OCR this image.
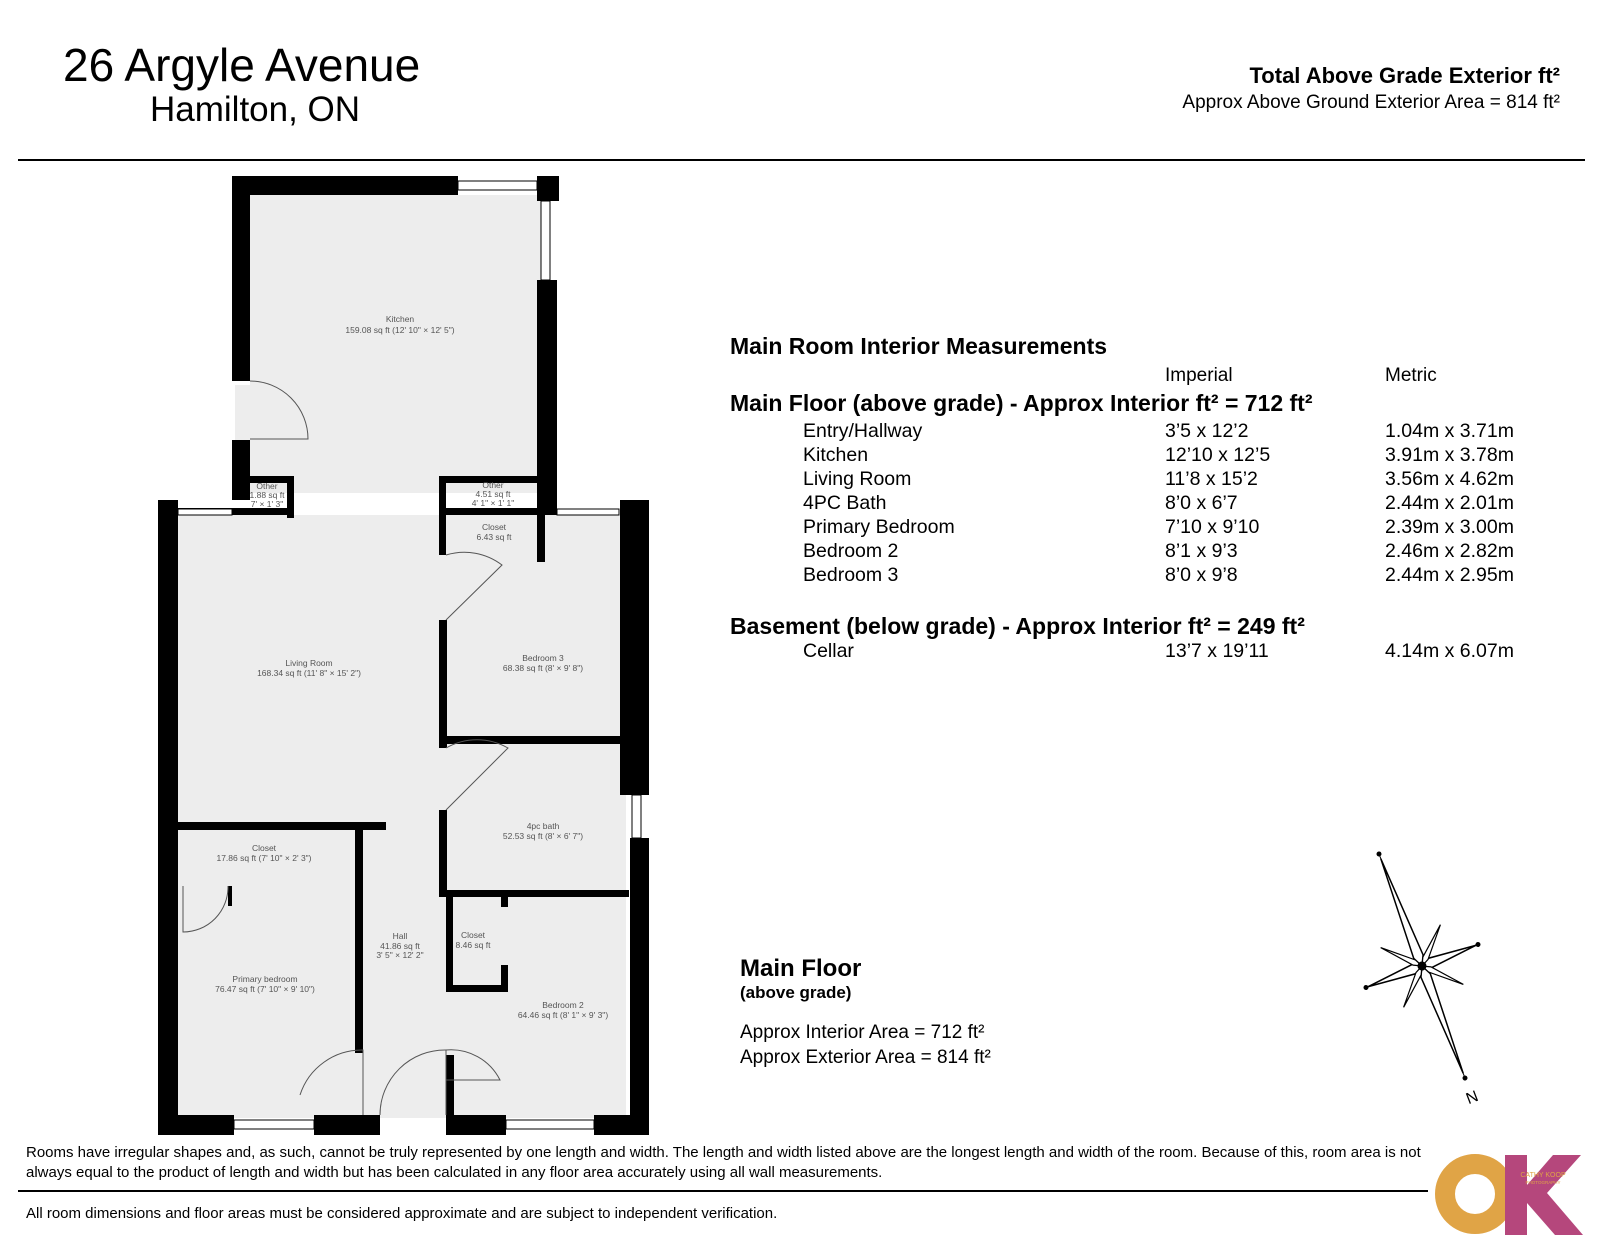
26 Argyle Avenue
Hamilton, ON
Total Above Grade Exterior ft²
Approx Above Ground Exterior Area = 814 ft²
Kitchen
159.08 sq ft (12' 10" × 12' 5")
Other
1.88 sq ft
7' × 1' 3"
Other
4.51 sq ft
4' 1" × 1' 1"
Closet
6.43 sq ft
Living Room
168.34 sq ft (11' 8" × 15' 2")
Bedroom 3
68.38 sq ft (8' × 9' 8")
4pc bath
52.53 sq ft (8' × 6' 7")
Closet
17.86 sq ft (7' 10" × 2' 3")
Hall
41.86 sq ft
3' 5" × 12' 2"
Closet
8.46 sq ft
Primary bedroom
76.47 sq ft (7' 10" × 9' 10")
Bedroom 2
64.46 sq ft (8' 1" × 9' 3")
N
Main Room Interior Measurements
Imperial	Metric
Main Floor (above grade) - Approx Interior ft² = 712 ft²
Entry/Hallway	3’5 x 12’2	1.04m x 3.71m
Kitchen	12’10 x 12’5	3.91m x 3.78m
Living Room	11’8 x 15’2	3.56m x 4.62m
4PC Bath	8’0 x 6’7	2.44m x 2.01m
Primary Bedroom	7’10 x 9’10	2.39m x 3.00m
Bedroom 2	8’1 x 9’3	2.46m x 2.82m
Bedroom 3	8’0 x 9’8	2.44m x 2.95m
Basement (below grade) - Approx Interior ft² = 249 ft²
Cellar	13’7 x 19’11	4.14m x 6.07m
Main Floor
(above grade)
Approx Interior Area = 712 ft²
Approx Exterior Area = 814 ft²
Rooms have irregular shapes and, as such, cannot be truly represented by one length and width. The length and width listed above are the longest length and width of the room. Because of this, room area is not always equal to the product of length and width but has been calculated in any floor area accurately using all wall measurements.
All room dimensions and floor areas must be considered approximate and are subject to independent verification.
CATHY KOOP
PHOTOGRAPHY
